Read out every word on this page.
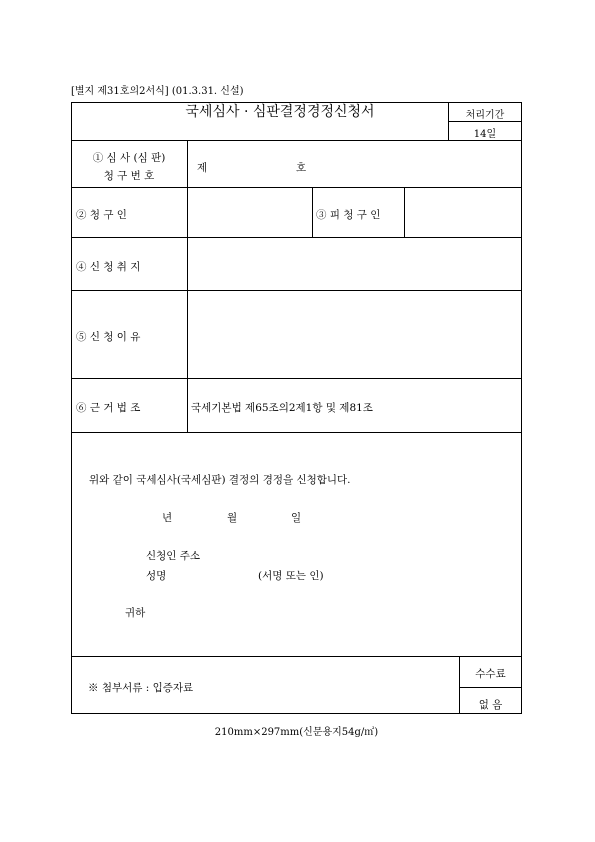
[별지 제31호의2서식] (01.3.31. 신설)
국세심사 · 심판결정경정신청서	처리기간
14일
① 심 사 (심 판)
청 구 번 호
제	호
② 청 구 인	③ 피 청 구 인
④ 신 청 취 지
⑤ 신 청 이 유
⑥ 근 거 법 조	국세기본법 제65조의2제1항 및 제81조
위와 같이 국세심사(국세심판) 결정의 경정을 신청합니다.
년	월	일
신청인 주소
성명	(서명 또는 인)
귀하
※ 첨부서류 : 입증자료
수수료
없 음
210mm×297mm(신문용지54g/㎡)
